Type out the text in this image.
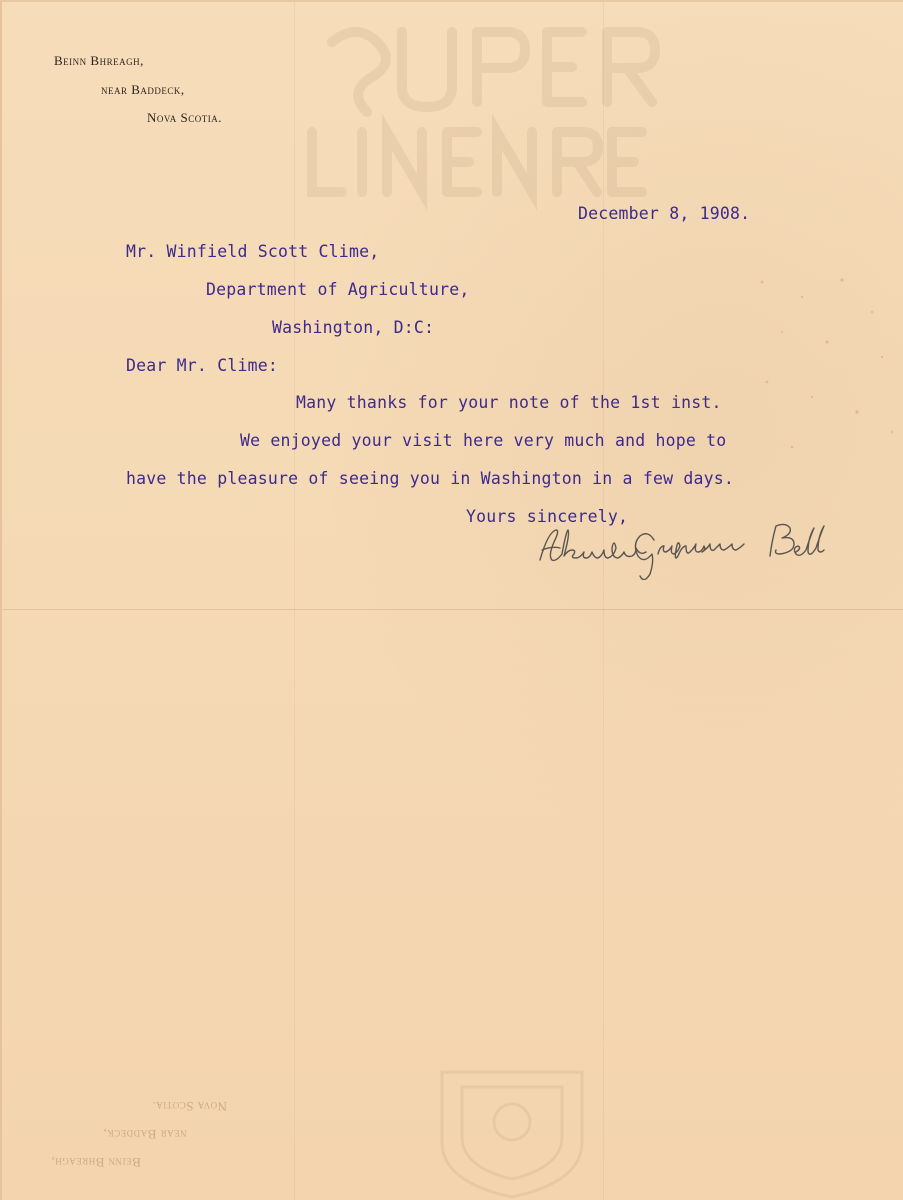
Beinn Bhreagh,
near Baddeck,
Nova Scotia.
December 8, 1908.
Mr. Winfield Scott Clime,
Department of Agriculture,
Washington, D:C:
Dear Mr. Clime:
Many thanks for your note of the 1st inst.
We enjoyed your visit here very much and hope to
have the pleasure of seeing you in Washington in a few days.
Yours sincerely,
Nova Scotia.
near Baddeck,
Beinn Bhreagh,
